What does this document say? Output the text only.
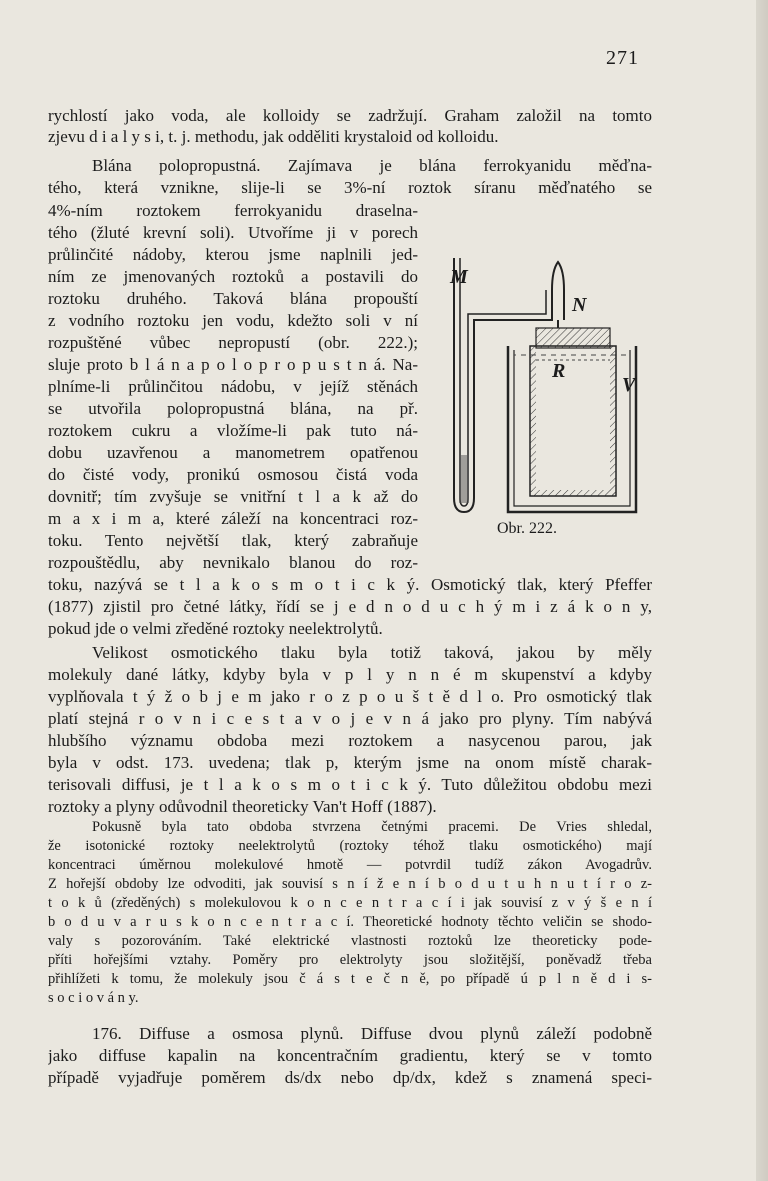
271
rychlostí jako voda, ale kolloidy se zadržují. Graham založil na tomto
zjevu d i a l y s i, t. j. methodu, jak odděliti krystaloid od kolloidu.
Blána polopropustná. Zajímava je blána ferrokyanidu měďna-
tého, která vznikne, slije-li se 3%-ní roztok síranu měďnatého se
4%-ním roztokem ferrokyanidu draselna-
tého (žluté krevní soli). Utvoříme ji v porech
průlinčité nádoby, kterou jsme naplnili jed-
ním ze jmenovaných roztoků a postavili do
roztoku druhého. Taková blána propouští
z vodního roztoku jen vodu, kdežto soli v ní
rozpuštěné vůbec nepropustí (obr. 222.);
sluje proto b l á n a p o l o p r o p u s t n á. Na-
plníme-li průlinčitou nádobu, v jejíž stěnách
se utvořila polopropustná blána, na př.
roztokem cukru a vložíme-li pak tuto ná-
dobu uzavřenou a manometrem opatřenou
do čisté vody, pronikú osmosou čistá voda
dovnitř; tím zvyšuje se vnitřní t l a k až do
m a x i m a, které záleží na koncentraci roz-
toku. Tento největší tlak, který zabraňuje
rozpouštědlu, aby nevnikalo blanou do roz-
toku, nazývá se t l a k o s m o t i c k ý. Osmotický tlak, který Pfeffer
(1877) zjistil pro četné látky, řídí se j e d n o d u c h ý m i z á k o n y,
pokud jde o velmi zředěné roztoky neelektrolytů.
Velikost osmotického tlaku byla totiž taková, jakou by měly
molekuly dané látky, kdyby byla v p l y n n é m skupenství a kdyby
vyplňovala t ý ž o b j e m jako r o z p o u š t ě d l o. Pro osmotický tlak
platí stejná r o v n i c e s t a v o j e v n á jako pro plyny. Tím nabývá
hlubšího významu obdoba mezi roztokem a nasycenou parou, jak
byla v odst. 173. uvedena; tlak p, kterým jsme na onom místě charak-
terisovali diffusi, je t l a k o s m o t i c k ý. Tuto důležitou obdobu mezi
roztoky a plyny odůvodnil theoreticky Van't Hoff (1887).
Pokusně byla tato obdoba stvrzena četnými pracemi. De Vries shledal,
že isotonické roztoky neelektrolytů (roztoky téhož tlaku osmotického) mají
koncentraci úměrnou molekulové hmotě — potvrdil tudíž zákon Avogadrův.
Z hořejší obdoby lze odvoditi, jak souvisí s n í ž e n í b o d u t u h n u t í r o z-
t o k ů (zředěných) s molekulovou k o n c e n t r a c í i jak souvisí z v ý š e n í
b o d u v a r u s k o n c e n t r a c í. Theoretické hodnoty těchto veličin se shodo-
valy s pozorováním. Také elektrické vlastnosti roztoků lze theoreticky pode-
příti hořejšími vztahy. Poměry pro elektrolyty jsou složitější, poněvadž třeba
přihlížeti k tomu, že molekuly jsou č á s t e č n ě, po případě ú p l n ě d i s-
s o c i o v á n y.
176. Diffuse a osmosa plynů. Diffuse dvou plynů záleží podobně
jako diffuse kapalin na koncentračním gradientu, který se v tomto
případě vyjadřuje poměrem ds/dx nebo dp/dx, kdež s znamená speci-
M
N
R
V
Obr. 222.
